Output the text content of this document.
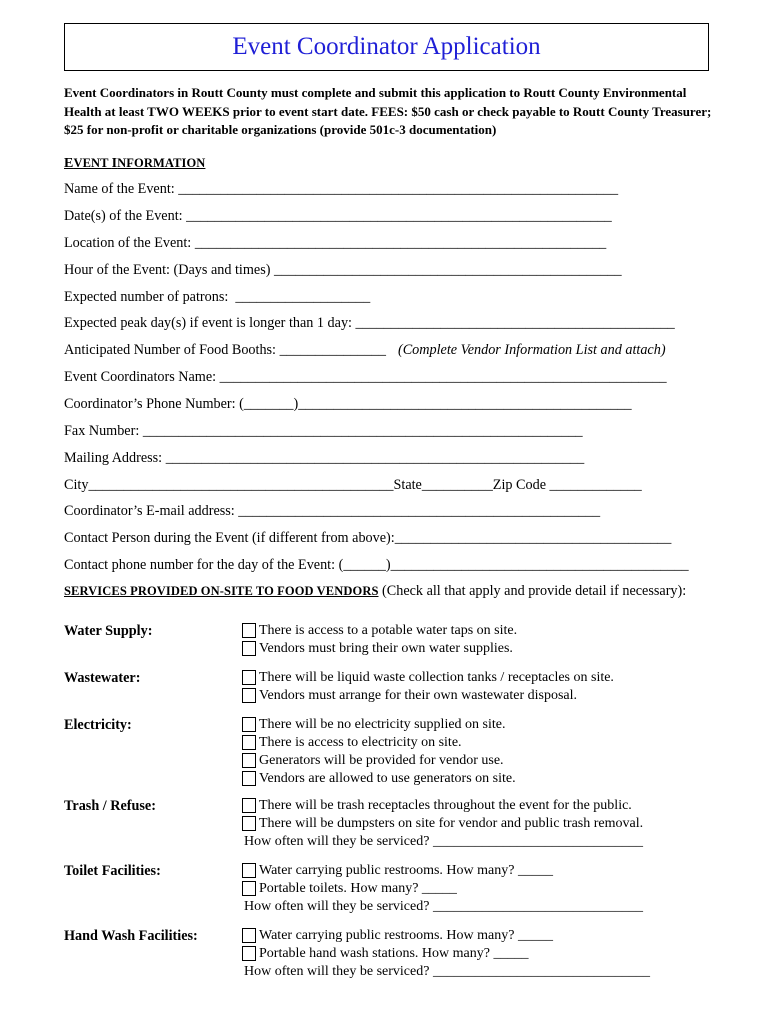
Event Coordinator Application
Event Coordinators in Routt County must complete and submit this application to Routt County Environmental Health at least TWO WEEKS prior to event start date. FEES: $50 cash or check payable to Routt County Treasurer; $25 for non-profit or charitable organizations (provide 501c-3 documentation)
EVENT INFORMATION
Name of the Event: ______________________________________________________________
Date(s) of the Event: ____________________________________________________________
Location of the Event: __________________________________________________________
Hour of the Event: (Days and times) _________________________________________________
Expected number of patrons:  ___________________
Expected peak day(s) if event is longer than 1 day: _____________________________________________
Anticipated Number of Food Booths: _______________ (Complete Vendor Information List and attach)
Event Coordinators Name: _______________________________________________________________
Coordinator’s Phone Number: (_______)_______________________________________________
Fax Number: ______________________________________________________________
Mailing Address: ___________________________________________________________
City___________________________________________State__________Zip Code _____________
Coordinator’s E-mail address: ___________________________________________________
Contact Person during the Event (if different from above):_______________________________________
Contact phone number for the day of the Event: (______)__________________________________________
SERVICES PROVIDED ON-SITE TO FOOD VENDORS (Check all that apply and provide detail if necessary):
Water Supply:	There is access to a potable water taps on site.
Vendors must bring their own water supplies.
Wastewater:	There will be liquid waste collection tanks / receptacles on site.
Vendors must arrange for their own wastewater disposal.
Electricity:	There will be no electricity supplied on site.
There is access to electricity on site.
Generators will be provided for vendor use.
Vendors are allowed to use generators on site.
Trash / Refuse:	There will be trash receptacles throughout the event for the public.
There will be dumpsters on site for vendor and public trash removal.
How often will they be serviced? ______________________________
Toilet Facilities:	Water carrying public restrooms. How many? _____
Portable toilets. How many? _____
How often will they be serviced? ______________________________
Hand Wash Facilities:	Water carrying public restrooms. How many? _____
Portable hand wash stations. How many? _____
How often will they be serviced? _______________________________
